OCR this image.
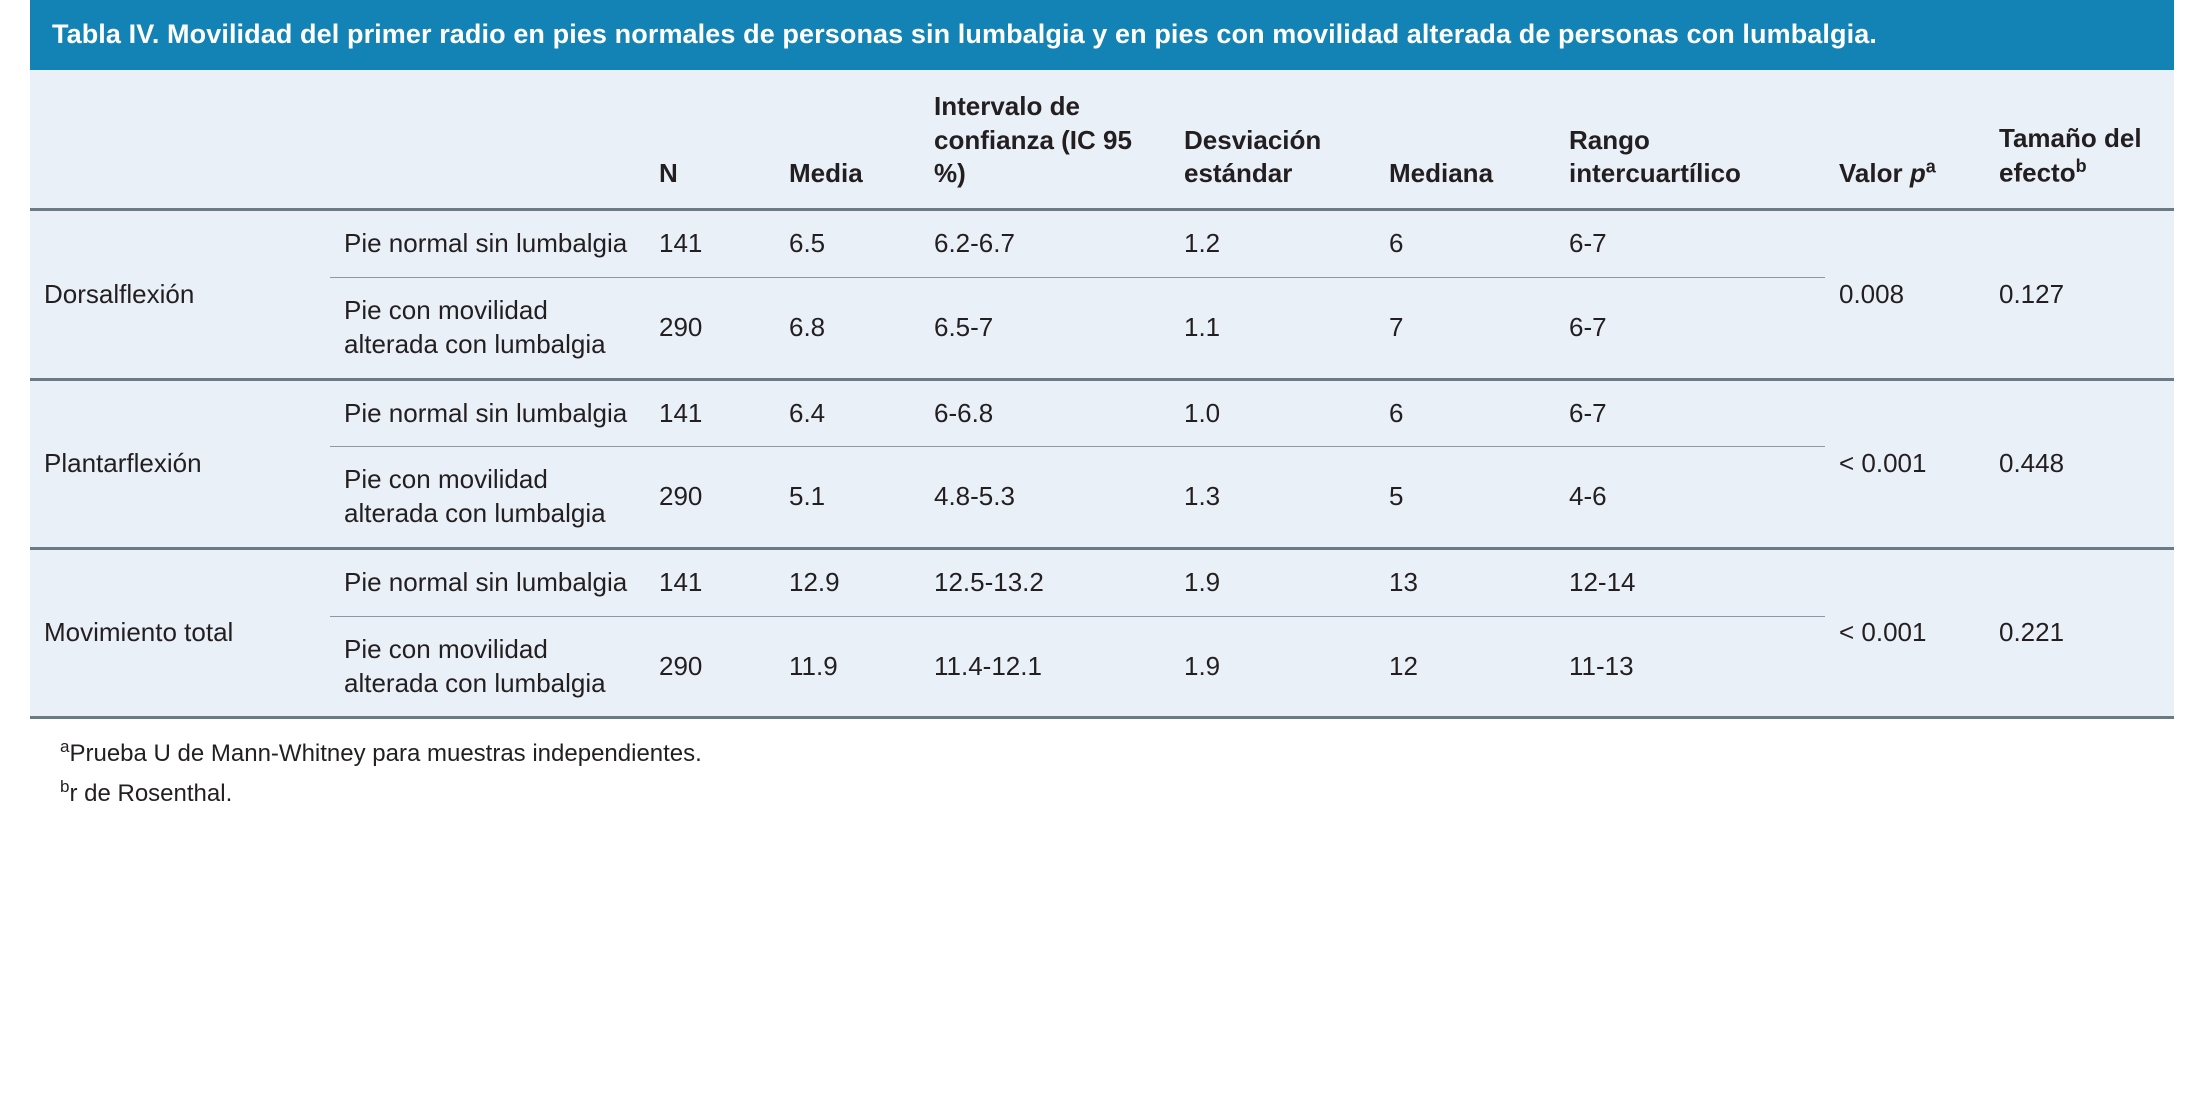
Tabla IV. Movilidad del primer radio en pies normales de personas sin lumbalgia y en pies con movilidad alterada de personas con lumbalgia.
		N	Media	Intervalo de confianza (IC 95 %)	Desviación estándar	Mediana	Rango intercuartílico	Valor $p^a$	Tamaño del efecto$^b$
Dorsalflexión	Pie normal sin lumbalgia	141	6.5	6.2-6.7	1.2	6	6-7	0.008	0.127
	Pie con movilidad alterada con lumbalgia	290	6.8	6.5-7	1.1	7	6-7		
Plantarflexión	Pie normal sin lumbalgia	141	6.4	6-6.8	1.0	6	6-7	< 0.001	0.448
	Pie con movilidad alterada con lumbalgia	290	5.1	4.8-5.3	1.3	5	4-6		
Movimiento total	Pie normal sin lumbalgia	141	12.9	12.5-13.2	1.9	13	12-14	< 0.001	0.221
	Pie con movilidad alterada con lumbalgia	290	11.9	11.4-12.1	1.9	12	11-13		
$^a$Prueba U de Mann-Whitney para muestras independientes.
$^b$r de Rosenthal.
